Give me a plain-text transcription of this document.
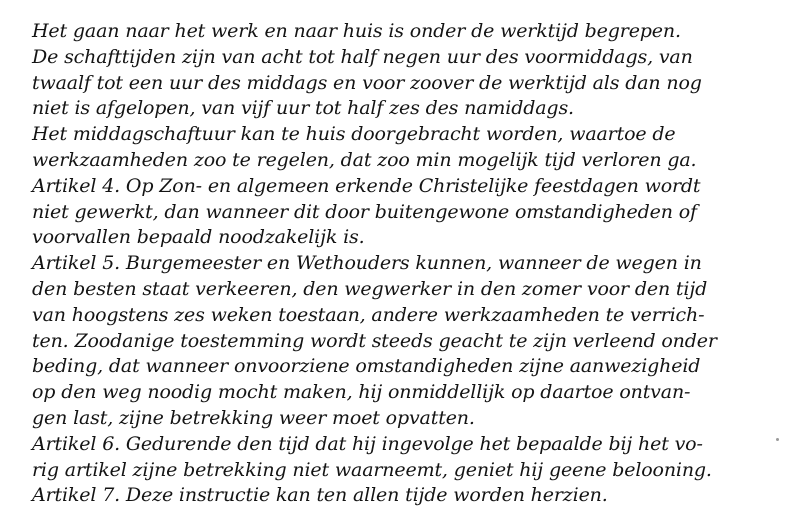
Het gaan naar het werk en naar huis is onder de werktijd begrepen.
De schafttijden zijn van acht tot half negen uur des voormiddags, van
twaalf tot een uur des middags en voor zoover de werktijd als dan nog
niet is afgelopen, van vijf uur tot half zes des namiddags.
Het middagschaftuur kan te huis doorgebracht worden, waartoe de
werkzaamheden zoo te regelen, dat zoo min mogelijk tijd verloren ga.
Artikel 4. Op Zon- en algemeen erkende Christelijke feestdagen wordt
niet gewerkt, dan wanneer dit door buitengewone omstandigheden of
voorvallen bepaald noodzakelijk is.
Artikel 5. Burgemeester en Wethouders kunnen, wanneer de wegen in
den besten staat verkeeren, den wegwerker in den zomer voor den tijd
van hoogstens zes weken toestaan, andere werkzaamheden te verrich-
ten. Zoodanige toestemming wordt steeds geacht te zijn verleend onder
beding, dat wanneer onvoorziene omstandigheden zijne aanwezigheid
op den weg noodig mocht maken, hij onmiddellijk op daartoe ontvan-
gen last, zijne betrekking weer moet opvatten.
Artikel 6. Gedurende den tijd dat hij ingevolge het bepaalde bij het vo-
rig artikel zijne betrekking niet waarneemt, geniet hij geene belooning.
Artikel 7. Deze instructie kan ten allen tijde worden herzien.
